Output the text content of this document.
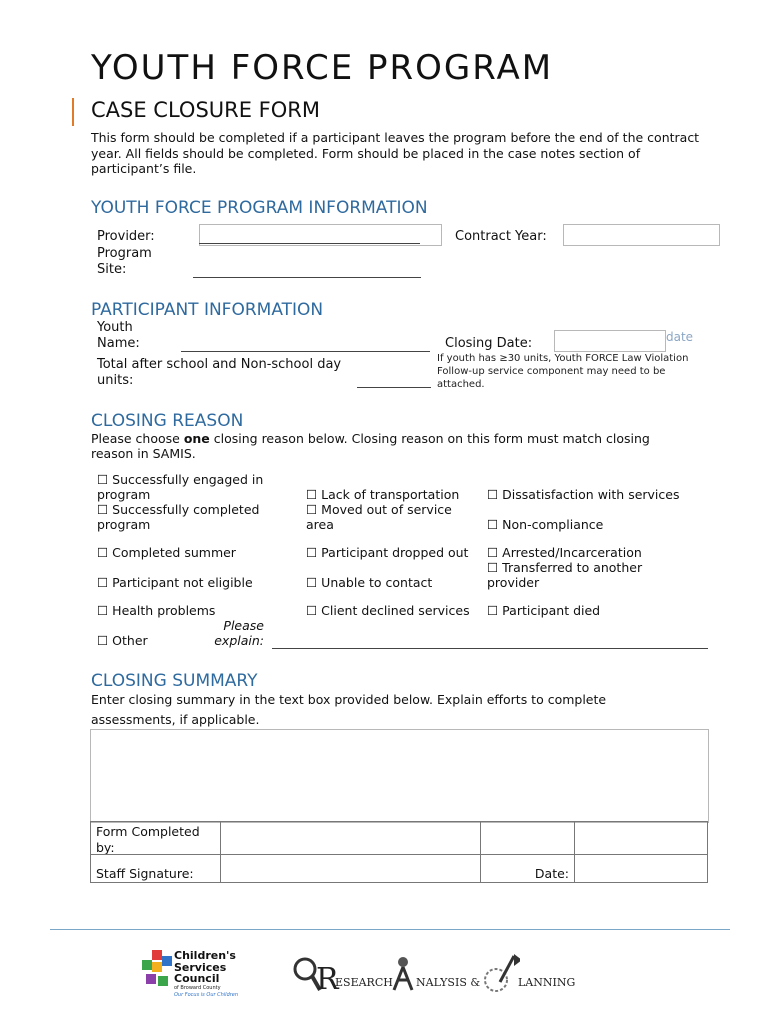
YOUTH FORCE PROGRAM
CASE CLOSURE FORM
This form should be completed if a participant leaves the program before the end of the contract year. All fields should be completed. Form should be placed in the case notes section of participant’s file.
YOUTH FORCE PROGRAM INFORMATION
Provider:
Program
Site:
Contract Year:
PARTICIPANT INFORMATION
Youth
Name:	Closing Date:	date
Total after school and Non-school day
units:
If youth has ≥30 units, Youth FORCE Law Violation Follow-up service component may need to be attached.
CLOSING REASON
Please choose one closing reason below. Closing reason on this form must match closing reason in SAMIS.
☐ Successfully engaged in program
☐ Successfully completed program
☐ Completed summer
☐ Participant not eligible
☐ Health problems
☐ Other
☐ Lack of transportation
☐ Moved out of service area
☐ Participant dropped out
☐ Unable to contact
☐ Client declined services
☐ Dissatisfaction with services
☐ Non-compliance
☐ Arrested/Incarceration
☐ Transferred to another provider
☐ Participant died
Please
explain:
CLOSING SUMMARY
Enter closing summary in the text box provided below. Explain efforts to complete assessments, if applicable.
Form Completed by:
Staff Signature:	Date:
Children's
Services
Council
of Broward County
Our Focus is Our Children	R
ESEARCH NALYSIS &	LANNING
